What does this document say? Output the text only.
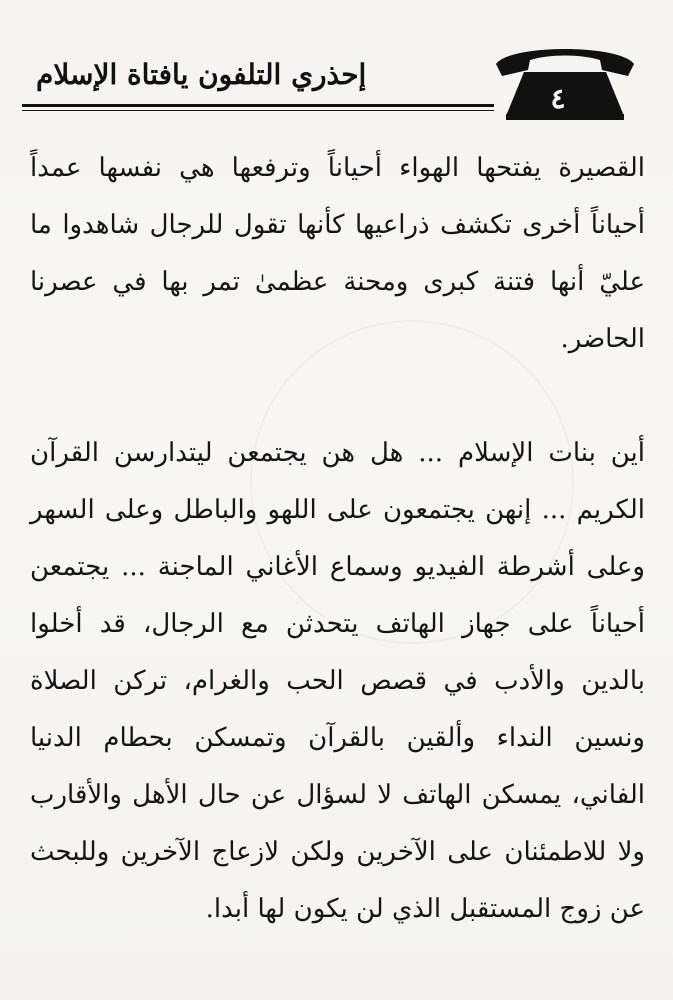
إحذري التلفون يافتاة الإسلام
٤

القصيرة يفتحها الهواء أحياناً وترفعها هي نفسها عمداً أحياناً أخرى تكشف ذراعيها كأنها تقول للرجال شاهدوا ما عليّ أنها فتنة كبرى ومحنة عظمىٰ تمر بها في عصرنا الحاضر.

أين بنات الإسلام ... هل هن يجتمعن ليتدارسن القرآن الكريم ... إنهن يجتمعون على اللهو والباطل وعلى السهر وعلى أشرطة الفيديو وسماع الأغاني الماجنة ... يجتمعن أحياناً على جهاز الهاتف يتحدثن مع الرجال، قد أخلوا بالدين والأدب في قصص الحب والغرام، تركن الصلاة ونسين النداء وألقين بالقرآن وتمسكن بحطام الدنيا الفاني، يمسكن الهاتف لا لسؤال عن حال الأهل والأقارب ولا للاطمئنان على الآخرين ولكن لازعاج الآخرين وللبحث عن زوج المستقبل الذي لن يكون لها أبدا.
